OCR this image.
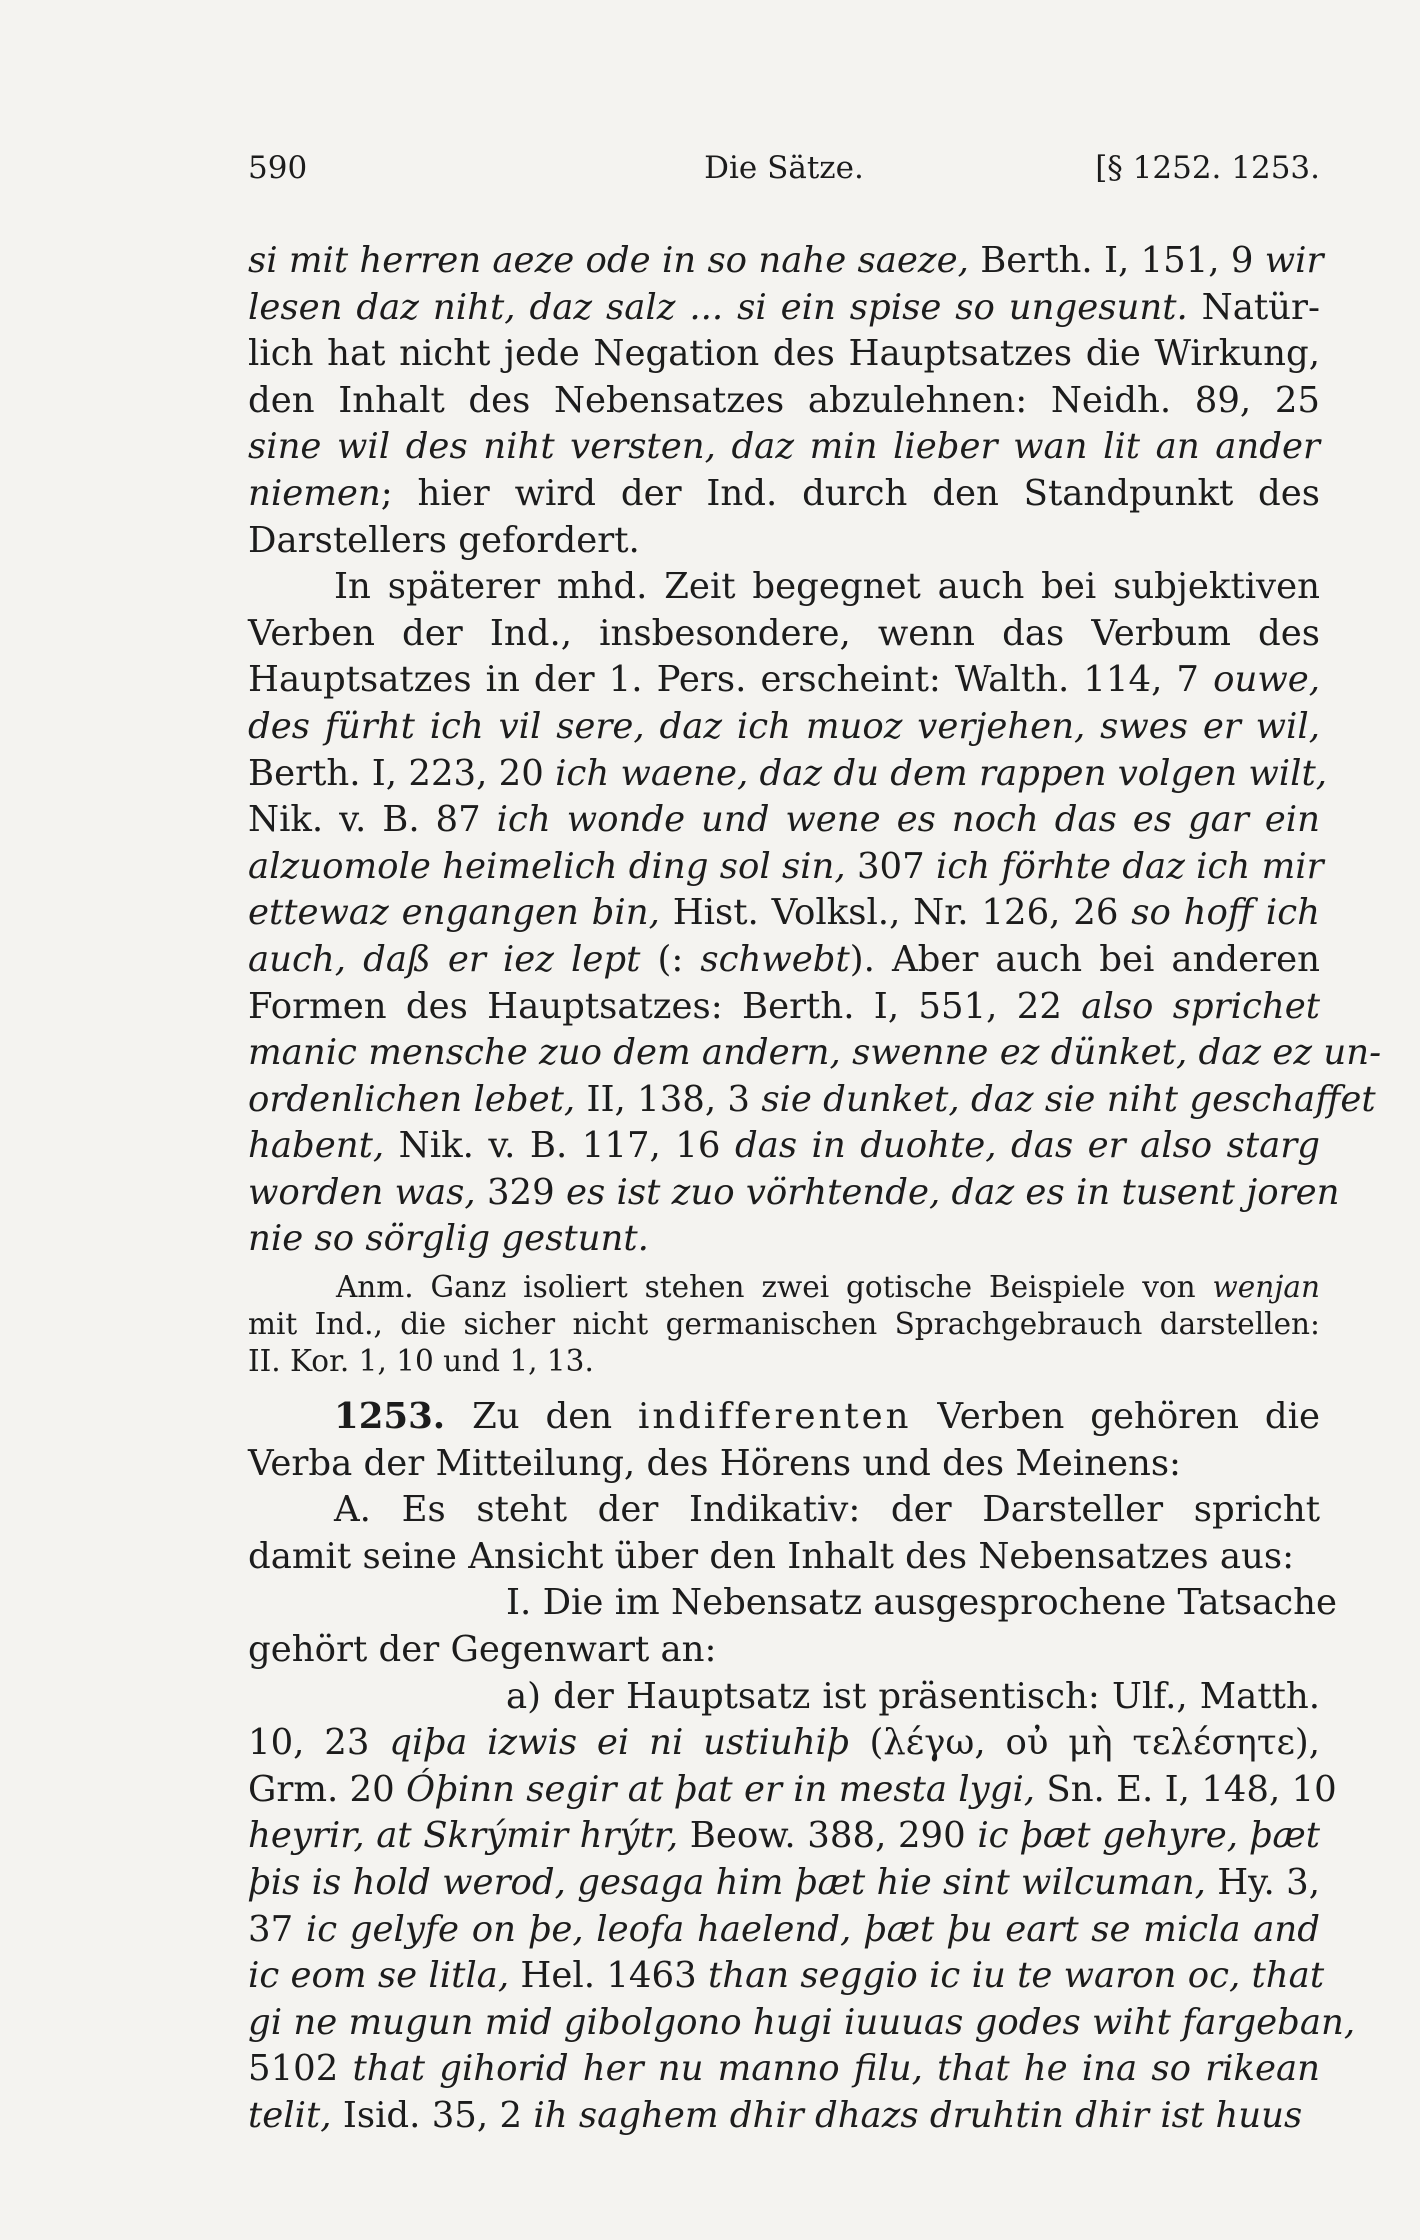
590	Die Sätze.	[§ 1252. 1253.
si mit herren aeze ode in so nahe saeze, Berth. I, 151, 9 wir
lesen daz niht, daz salz ... si ein spise so ungesunt. Natür-
lich hat nicht jede Negation des Hauptsatzes die Wirkung,
den Inhalt des Nebensatzes abzulehnen: Neidh. 89, 25
sine wil des niht versten, daz min lieber wan lit an ander
niemen; hier wird der Ind. durch den Standpunkt des
Darstellers gefordert.
In späterer mhd. Zeit begegnet auch bei subjektiven
Verben der Ind., insbesondere, wenn das Verbum des
Hauptsatzes in der 1. Pers. erscheint: Walth. 114, 7 ouwe,
des fürht ich vil sere, daz ich muoz verjehen, swes er wil,
Berth. I, 223, 20 ich waene, daz du dem rappen volgen wilt,
Nik. v. B. 87 ich wonde und wene es noch das es gar ein
alzuomole heimelich ding sol sin, 307 ich förhte daz ich mir
ettewaz engangen bin, Hist. Volksl., Nr. 126, 26 so hoff ich
auch, daß er iez lept (: schwebt). Aber auch bei anderen
Formen des Hauptsatzes: Berth. I, 551, 22 also sprichet
manic mensche zuo dem andern, swenne ez dünket, daz ez un-
ordenlichen lebet, II, 138, 3 sie dunket, daz sie niht geschaffet
habent, Nik. v. B. 117, 16 das in duohte, das er also starg
worden was, 329 es ist zuo vörhtende, daz es in tusent joren
nie so sörglig gestunt.
Anm. Ganz isoliert stehen zwei gotische Beispiele von wenjan
mit Ind., die sicher nicht germanischen Sprachgebrauch darstellen:
II. Kor. 1, 10 und 1, 13.
1253. Zu den indifferenten Verben gehören die
Verba der Mitteilung, des Hörens und des Meinens:
A. Es steht der Indikativ: der Darsteller spricht
damit seine Ansicht über den Inhalt des Nebensatzes aus:
I. Die im Nebensatz ausgesprochene Tatsache
gehört der Gegenwart an:
a) der Hauptsatz ist präsentisch: Ulf., Matth.
10, 23 qiþa izwis ei ni ustiuhiþ (λέγω, οὐ μὴ τελέσητε),
Grm. 20 Óþinn segir at þat er in mesta lygi, Sn. E. I, 148, 10
heyrir, at Skrýmir hrýtr, Beow. 388, 290 ic þæt gehyre, þæt
þis is hold werod, gesaga him þæt hie sint wilcuman, Hy. 3,
37 ic gelyfe on þe, leofa haelend, þæt þu eart se micla and
ic eom se litla, Hel. 1463 than seggio ic iu te waron oc, that
gi ne mugun mid gibolgono hugi iuuuas godes wiht fargeban,
5102 that gihorid her nu manno filu, that he ina so rikean
telit, Isid. 35, 2 ih saghem dhir dhazs druhtin dhir ist huus
